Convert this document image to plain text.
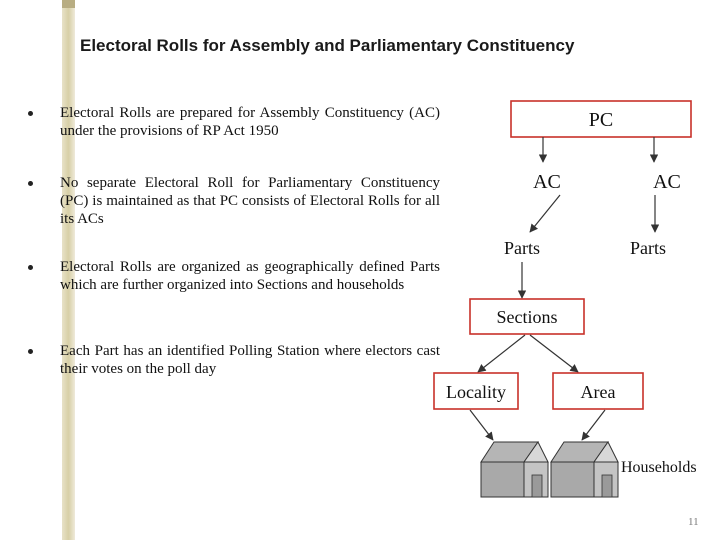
Electoral Rolls for Assembly and Parliamentary Constituency
Electoral Rolls are prepared for Assembly Constituency (AC) under the provisions of RP Act 1950
No separate Electoral Roll for Parliamentary Constituency (PC) is maintained as that PC consists of Electoral Rolls for all its ACs
Electoral Rolls are organized as geographically defined Parts which are further organized into Sections and households
Each Part has an identified Polling Station where electors cast their votes on the poll day
PC
AC	AC
Parts	Parts
Sections
Locality	Area
Households
11
